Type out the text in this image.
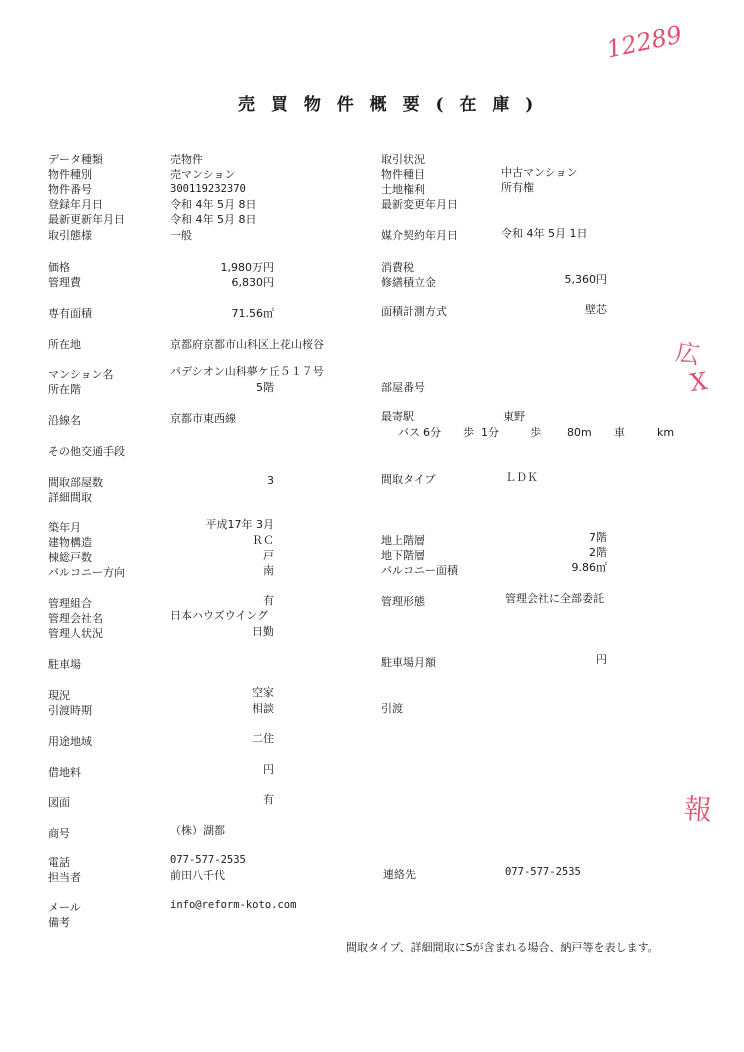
12289
広
X
報
売 買 物 件 概 要 ( 在 庫 )
データ種類	売物件
物件種別	売マンション
物件番号	300119232370
登録年月日	令和 4年 5月 8日
最新更新年月日	令和 4年 5月 8日
取引態様	一般
価格	1,980万円
管理費	6,830円
専有面積	71.56㎡
所在地	京都府京都市山科区上花山桜谷
マンション名	パデシオン山科夢ケ丘５１７号
所在階	5階
沿線名	京都市東西線
その他交通手段
間取部屋数	3
詳細間取
築年月	平成17年 3月
建物構造	ＲＣ
棟総戸数	戸
バルコニー方向	南
管理組合	有
管理会社名	日本ハウズウイング
管理人状況	日勤
駐車場
現況	空家
引渡時期	相談
用途地域	二住
借地料	円
図面	有
商号	（株）湖都
電話	077-577-2535
担当者	前田八千代
メール	info@reform-koto.com
備考
取引状況
物件種目	中古マンション
土地権利	所有権
最新変更年月日
媒介契約年月日	令和 4年 5月 1日
消費税
修繕積立金	5,360円
面積計測方式	壁芯
部屋番号
最寄駅	東野
バス 6分 歩 1分	歩 80m 車	km
間取タイプ	ＬＤＫ
地上階層	7階
地下階層	2階
バルコニー面積	9.86㎡
管理形態	管理会社に全部委託
駐車場月額	円
引渡
連絡先	077-577-2535
間取タイプ、詳細間取にSが含まれる場合、納戸等を表します。
